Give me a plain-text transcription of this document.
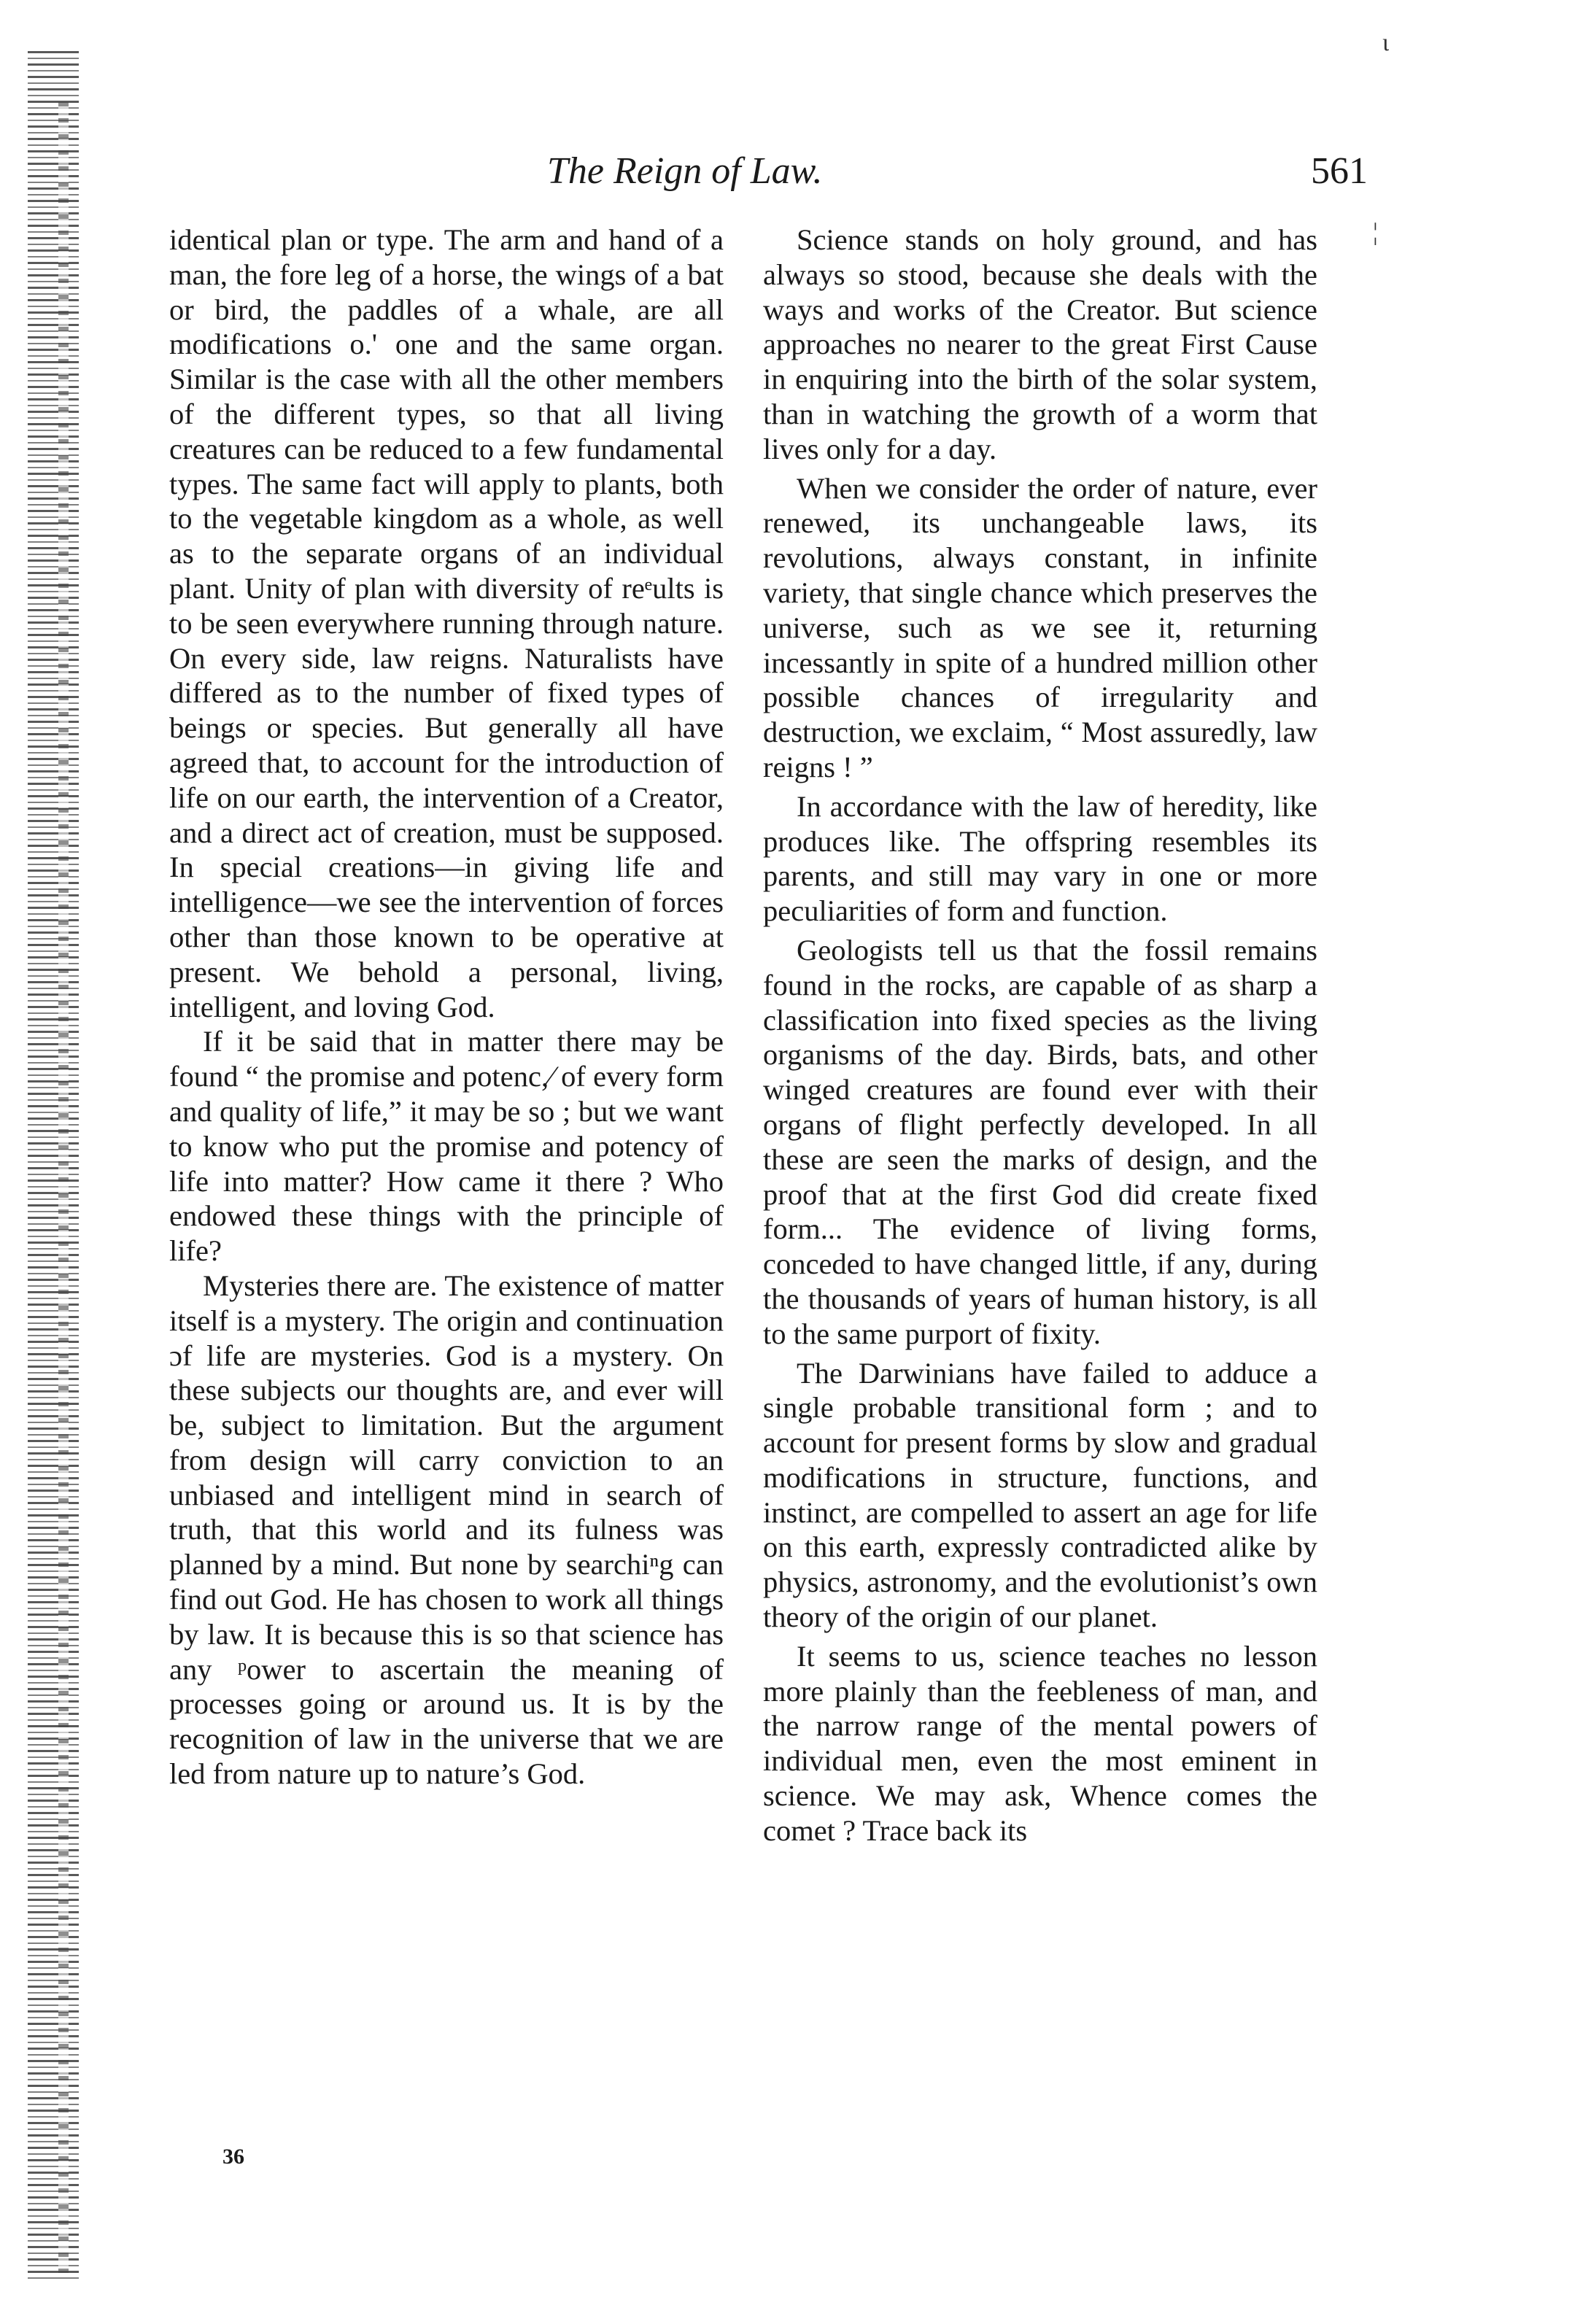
ι
¦
The Reign of Law.	561

identical plan or type. The arm and hand of a man, the fore leg of a horse, the wings of a bat or bird, the paddles of a whale, are all modifications o.' one and the same organ. Similar is the case with all the other members of the different types, so that all living creatures can be reduced to a few fundamental types. The same fact will apply to plants, both to the vegetable kingdom as a whole, as well as to the separate organs of an individual plant. Unity of plan with diversity of re⁠ᵉults is to be seen everywhere running through nature. On every side, law reigns. Naturalists have differed as to the number of fixed types of beings or species. But generally all have agreed that, to account for the introduction of life on our earth, the intervention of a Creator, and a direct act of creation, must be supposed. In special creations—in giving life and intelligence—we see the intervention of forces other than those known to be operative at present. We behold a personal, living, intelligent, and loving God.

If it be said that in matter there may be found “ the promise and potenc,⁄ of every form and quality of life,” it may be so ; but we want to know who put the promise and potency of life into matter? How came it there ? Who endowed these things with the principle of life?

Mysteries there are. The existence of matter itself is a mystery. The origin and continuation ɔf life are mysteries. God is a mystery. On these subjects our thoughts are, and ever will be, subject to limitation. But the argument from design will carry conviction to an unbiased and intelligent mind in search of truth, that this world and its fulness was planned by a mind. But none by searchi⁠ⁿg can find out God. He has chosen to work all things by law. It is because this is so that science has any ᵖower to ascertain the meaning of processes going or around us. It is by the recognition of law in the universe that we are led from nature up to nature’s God.

Science stands on holy ground, and has always so stood, because she deals with the ways and works of the Creator. But science approaches no nearer to the great First Cause in enquiring into the birth of the solar system, than in watching the growth of a worm that lives only for a day.

When we consider the order of nature, ever renewed, its unchangeable laws, its revolutions, always constant, in infinite variety, that single chance which preserves the universe, such as we see it, returning incessantly in spite of a hundred million other possible chances of irregularity and destruction, we exclaim, “ Most assuredly, law reigns ! ”

In accordance with the law of heredity, like produces like. The offspring resembles its parents, and still may vary in one or more peculiarities of form and function.

Geologists tell us that the fossil remains found in the rocks, are capable of as sharp a classification into fixed species as the living organisms of the day. Birds, bats, and other winged creatures are found ever with their organs of flight perfectly developed. In all these are seen the marks of design, and the proof that at the first God did create fixed form... The evidence of living forms, conceded to have changed little, if any, during the thousands of years of human history, is all to the same purport of fixity.

The Darwinians have failed to adduce a single probable transitional form ; and to account for present forms by slow and gradual modifications in structure, functions, and instinct, are compelled to assert an age for life on this earth, expressly contradicted alike by physics, astronomy, and the evolutionist’s own theory of the origin of our planet.

It seems to us, science teaches no lesson more plainly than the feebleness of man, and the narrow range of the mental powers of individual men, even the most eminent in science. We may ask, Whence comes the comet ? Trace back its

36
